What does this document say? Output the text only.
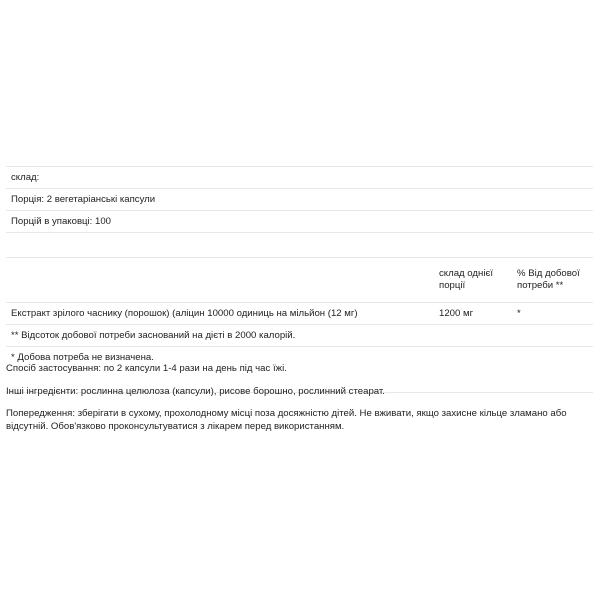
склад:		
Порція: 2 вегетаріанські капсули		
Порцій в упаковці: 100		

	склад однієї порції	% Від добової потреби **
Екстракт зрілого часнику (порошок) (аліцин 10000 одиниць на мільйон (12 мг)	1200 мг	*
** Відсоток добової потреби заснований на дієті в 2000 калорій.		
* Добова потреба не визначена.		
Спосіб застосування: по 2 капсули 1-4 рази на день під час їжі.
Інші інгредієнти: рослинна целюлоза (капсули), рисове борошно, рослинний стеарат.
Попередження: зберігати в сухому, прохолодному місці поза досяжністю дітей. Не вживати, якщо захисне кільце зламано або відсутній. Обов'язково проконсультуватися з лікарем перед використанням.
